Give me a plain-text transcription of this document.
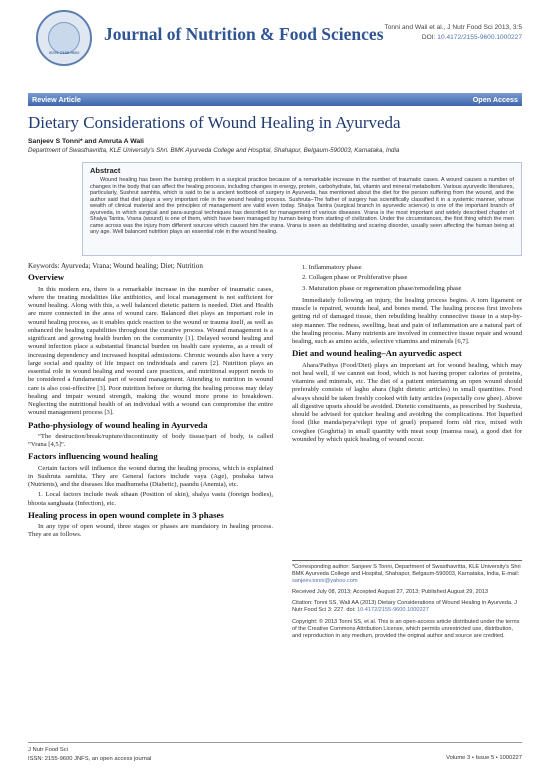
ISSN: 2155-9600
Journal of Nutrition & Food Sciences Tonni and Wali et al., J Nutr Food Sci 2013, 3:5
DOI: 10.4172/2155-9600.1000227
Review Article	Open Access
Dietary Considerations of Wound Healing in Ayurveda
Sanjeev S Tonni* and Amruta A Wali
Department of Swasthavritta, KLE University's Shri. BMK Ayurveda College and Hospital, Shahapur, Belgaum-590003, Karnataka, India
Abstract

Wound healing has been the burning problem in a surgical practice because of a remarkable increase in the number of traumatic cases. A wound causes a number of changes in the body that can affect the healing process, including changes in energy, protein, carbohydrate, fat, vitamin and mineral metabolism. Various ayurvedic literatures, particularly, Sushrut samhita, which is said to be a ancient textbook of surgery in Ayurveda, has mentioned about the diet for the person suffering from the wound, and the author said that diet plays a very important role in the wound healing process. Sushruta–The father of surgery has scientifically classified it in a systemic manner, whose wealth of clinical material and the principles of management are valid even today. Shalya Tantra (surgical branch in ayurvedic science) is one of the important branch of ayurveda, in which surgical and para-surgical techniques has described for management of various diseases. Vrana is the most important and widely described chapter of Shalya Tantra. Vrana (wound) is one of them, which have been managed by human being from starting of civilization. Under the circumstances, the first thing which the men came across was the injury from different sources which caused him the vrana. Vrana is seen as debilitating and scaring disorder, usually seen affecting the human being at any age. Well balanced nutrition plays an essential role in the wound healing.

Keywords: Ayurveda; Vrana; Wound healing; Diet; Nutrition

Overview

In this modern era, there is a remarkable increase in the number of traumatic cases, where the treating modalities like antibiotics, and local management is not sufficient for wound healing. Along with this, a well balanced dietetic pattern is needed. Diet and Health are more connected in the area of wound care. Balanced diet plays an important role in wound healing process, as it enables quick reaction to the wound or trauma itself, as well as enhanced the healing capabilities throughout the curative process. Wound management is a significant and growing health burden on the community [1]. Delayed wound healing and wound infection place a substantial financial burden on health care systems, as a result of increasing dependency and increased hospital admissions. Chronic wounds also have a very large social and quality of life impact on individuals and carers [2]. Nutrition plays an essential role in wound healing and wound care practices, and nutritional support needs to be considered a fundamental part of wound management. Attending to nutrition in wound care is also cost-effective [3]. Poor nutrition before or during the healing process may delay healing and impair wound strength, making the wound more prone to breakdown. Neglecting the nutritional health of an individual with a wound can compromise the entire wound management process [3].

Patho-physiology of wound healing in Ayurveda

“The destruction/break/rupture/discontinuity of body tissue/part of body, is called “Vrana [4,5]”.

Factors influencing wound healing

Certain factors will influence the wound during the healing process, which is explained in Sushruta samhita. They are General factors include vaya (Age), poshaka tatwa (Nutrients), and the diseases like madhumeha (Diabetic), paandu (Anemia), etc.

1. Local factors include twak sthaan (Position of skin), shalya vastu (foreign bodies), bhoota sanghaata (Infection), etc.

Healing process in open wound complete in 3 phases

In any type of open wound, three stages or phases are mandatory in healing process. They are as follows.

1. Inflammatory phase
2. Collagen phase or Proliferative phase
3. Maturation phase or regeneration phase/remodeling phase

Immediately following an injury, the healing process begins. A torn ligament or muscle is repaired, wounds heal, and bones mend. The healing process first involves getting rid of damaged tissue, then rebuilding healthy connective tissue in a step-by-step manner. The redness, swelling, heat and pain of inflammation are a natural part of the healing process. Many nutrients are involved in connective tissue repair and wound healing, such as amino acids, selective vitamins and minerals [6,7].

Diet and wound healing–An ayurvedic aspect

Ahara/Pathya (Food/Diet) plays an important art for wound healing, which may not heal well, if we cannot eat food, which is not having proper calories of proteins, vitamins and minerals, etc. The diet of a patient entertaining an open wound should preferably consists of laghu ahara (light dietetic articles) in small quantities. Food always should be taken freshly cooked with fatty articles (especially cow ghee). Above all digestive upsets should be avoided. Dietetic constituents, as prescribed by Sushruta, should be advised for quicker healing and avoiding the complications. Hot liquefied food (like manda/peya/vilepi type of gruel) prepared form old rice, mixed with cowghee (Goghrita) in small quantity with meat soup (mamsa rasa), a good diet for wounded by which quick healing of wound occur.

*Corresponding author: Sanjeev S Tonni, Department of Swasthavritta, KLE University's Shri BMK Ayurveda College and Hospital, Shahapur, Belgaum-590003, Karnataka, India, E-mail: sanjeev.tonni@yahoo.com

Received July 08, 2013; Accepted August 27, 2013; Published August 29, 2013

Citation: Tonni SS, Wali AA (2013) Dietary Considerations of Wound Healing in Ayurveda. J Nutr Food Sci 3: 227. doi: 10.4172/2155-9600.1000227

Copyright: © 2013 Tonni SS, et al. This is an open-access article distributed under the terms of the Creative Commons Attribution License, which permits unrestricted use, distribution, and reproduction in any medium, provided the original author and source are credited.

J Nutr Food Sci
ISSN: 2155-9600 JNFS, an open access journal	Volume 3 • Issue 5 • 1000227
